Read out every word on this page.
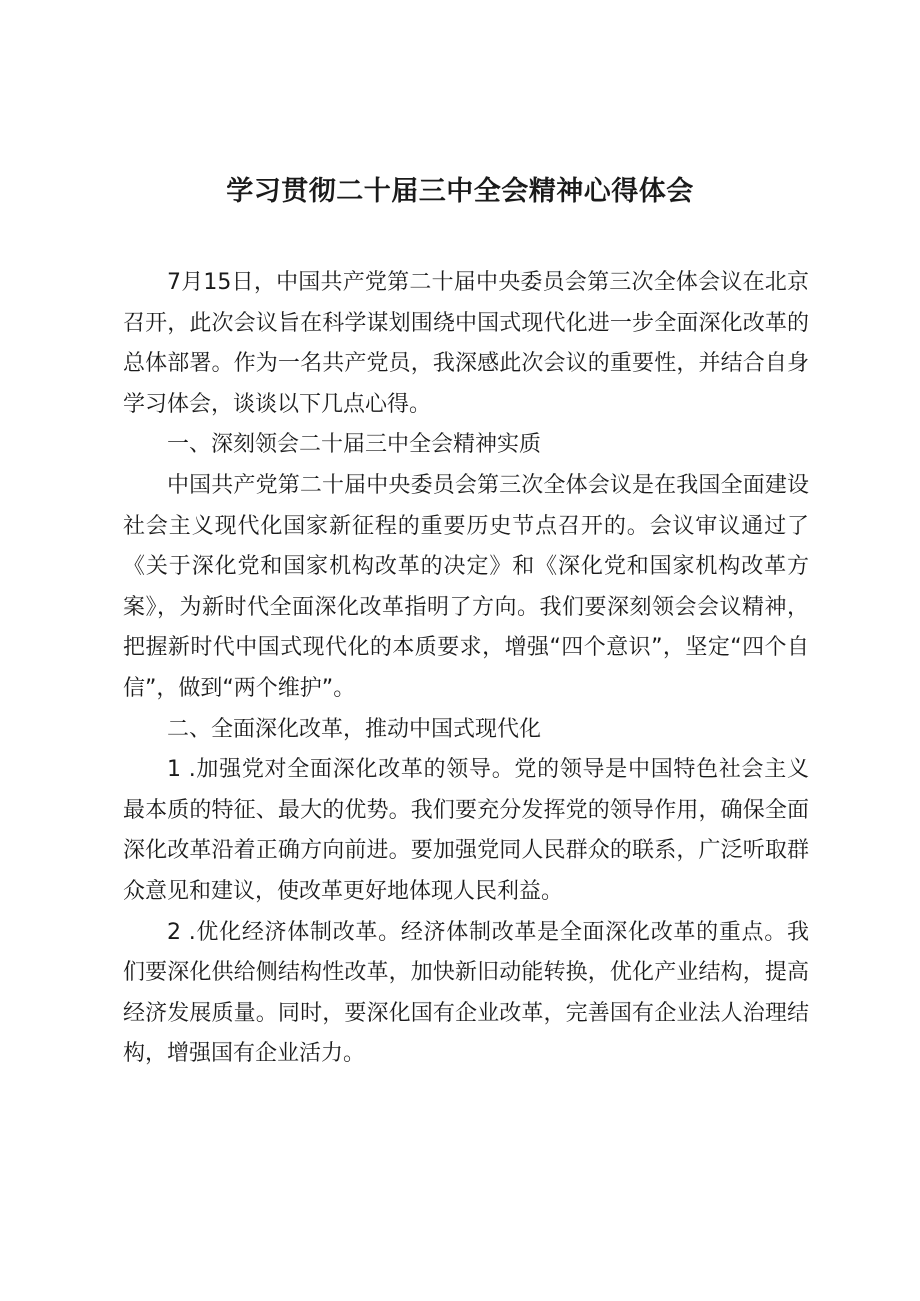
学习贯彻二十届三中全会精神心得体会

7月15日，中国共产党第二十届中央委员会第三次全体会议在北京召开，此次会议旨在科学谋划围绕中国式现代化进一步全面深化改革的总体部署。作为一名共产党员，我深感此次会议的重要性，并结合自身学习体会，谈谈以下几点心得。

一、深刻领会二十届三中全会精神实质

中国共产党第二十届中央委员会第三次全体会议是在我国全面建设社会主义现代化国家新征程的重要历史节点召开的。会议审议通过了《关于深化党和国家机构改革的决定》和《深化党和国家机构改革方案》，为新时代全面深化改革指明了方向。我们要深刻领会会议精神，把握新时代中国式现代化的本质要求，增强“四个意识”，坚定“四个自信”，做到“两个维护”。

二、全面深化改革，推动中国式现代化

1 .加强党对全面深化改革的领导。党的领导是中国特色社会主义最本质的特征、最大的优势。我们要充分发挥党的领导作用，确保全面深化改革沿着正确方向前进。要加强党同人民群众的联系，广泛听取群众意见和建议，使改革更好地体现人民利益。

2 .优化经济体制改革。经济体制改革是全面深化改革的重点。我们要深化供给侧结构性改革，加快新旧动能转换，优化产业结构，提高经济发展质量。同时，要深化国有企业改革，完善国有企业法人治理结构，增强国有企业活力。
